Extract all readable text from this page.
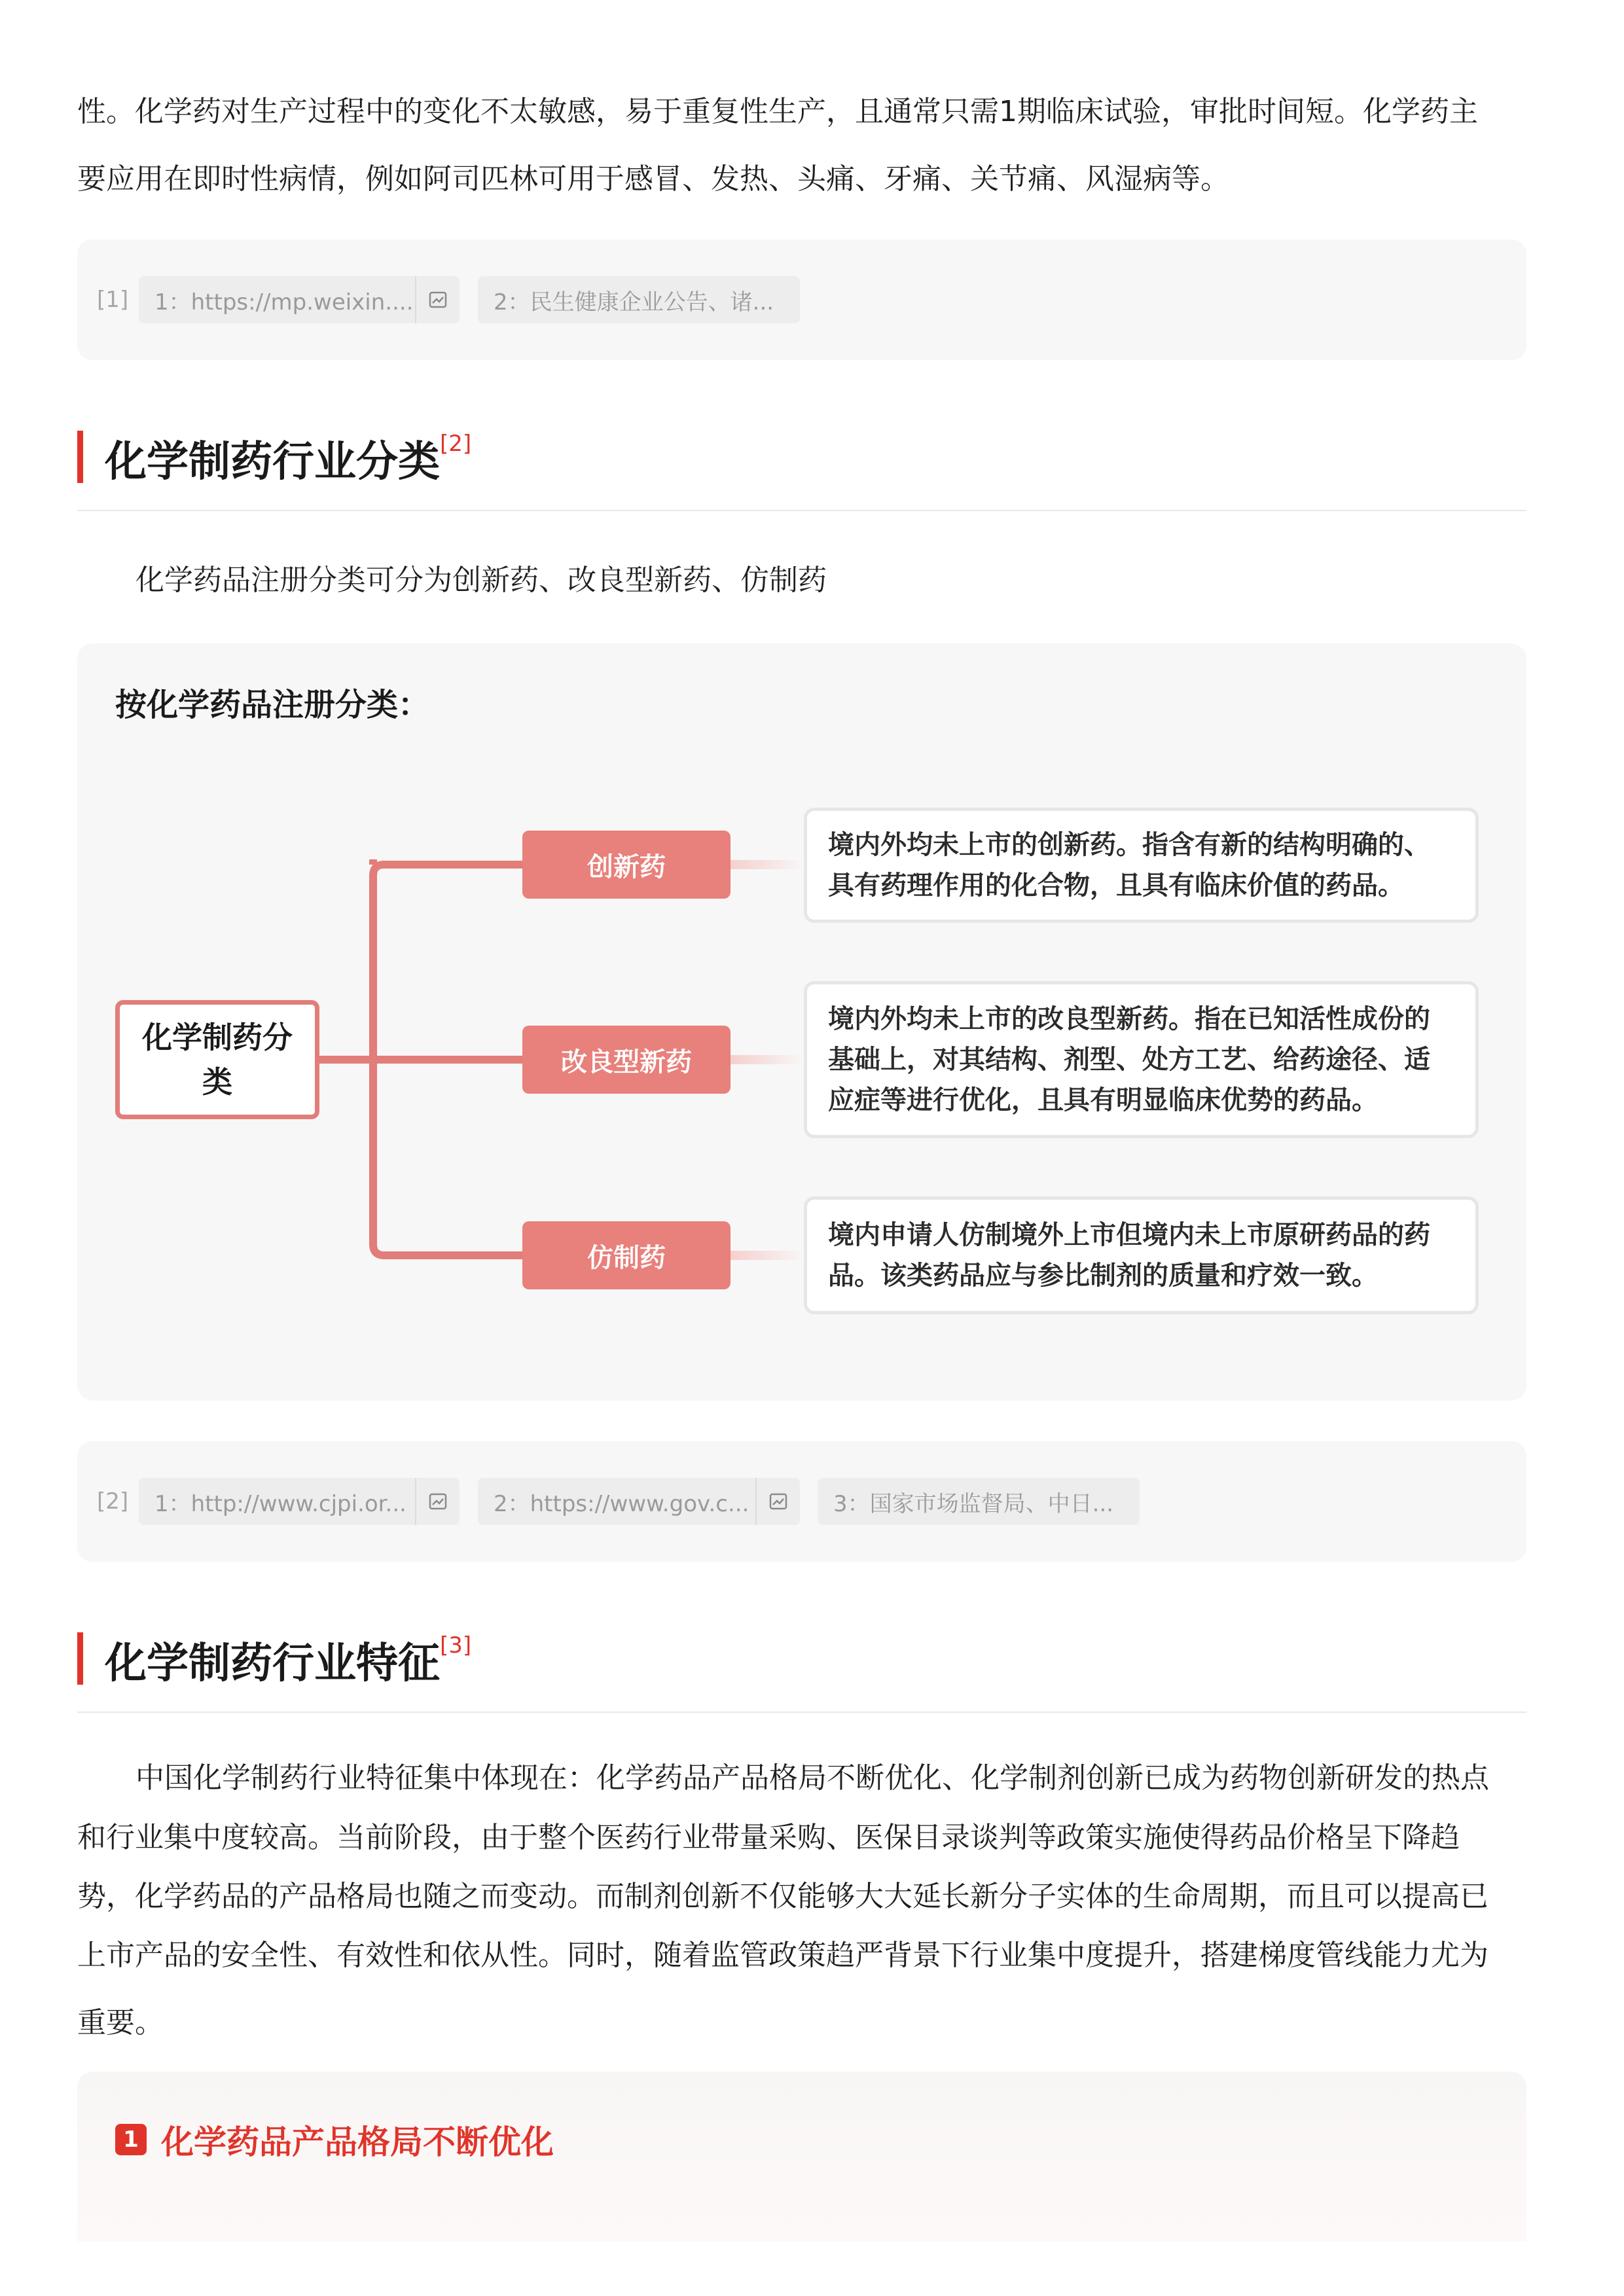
性。化学药对生产过程中的变化不太敏感，易于重复性生产，且通常只需1期临床试验，审批时间短。化学药主

要应用在即时性病情，例如阿司匹林可用于感冒、发热、头痛、牙痛、关节痛、风湿病等。

[1] 1：https://mp.weixin....	2：民生健康企业公告、诸...
化学制药行业分类[2]

化学药品注册分类可分为创新药、改良型新药、仿制药

按化学药品注册分类：
化学制药分类
创新药
境内外均未上市的创新药。指含有新的结构明确的、具有药理作用的化合物，且具有临床价值的药品。
改良型新药
境内外均未上市的改良型新药。指在已知活性成份的基础上，对其结构、剂型、处方工艺、给药途径、适应症等进行优化，且具有明显临床优势的药品。
仿制药
境内申请人仿制境外上市但境内未上市原研药品的药品。该类药品应与参比制剂的质量和疗效一致。
[2] 1：http://www.cjpi.or...	2：https://www.gov.c...	3：国家市场监督局、中日...
化学制药行业特征[3]

中国化学制药行业特征集中体现在：化学药品产品格局不断优化、化学制剂创新已成为药物创新研发的热点

和行业集中度较高。当前阶段，由于整个医药行业带量采购、医保目录谈判等政策实施使得药品价格呈下降趋

势，化学药品的产品格局也随之而变动。而制剂创新不仅能够大大延长新分子实体的生命周期，而且可以提高已

上市产品的安全性、有效性和依从性。同时，随着监管政策趋严背景下行业集中度提升，搭建梯度管线能力尤为

重要。

1 化学药品产品格局不断优化
